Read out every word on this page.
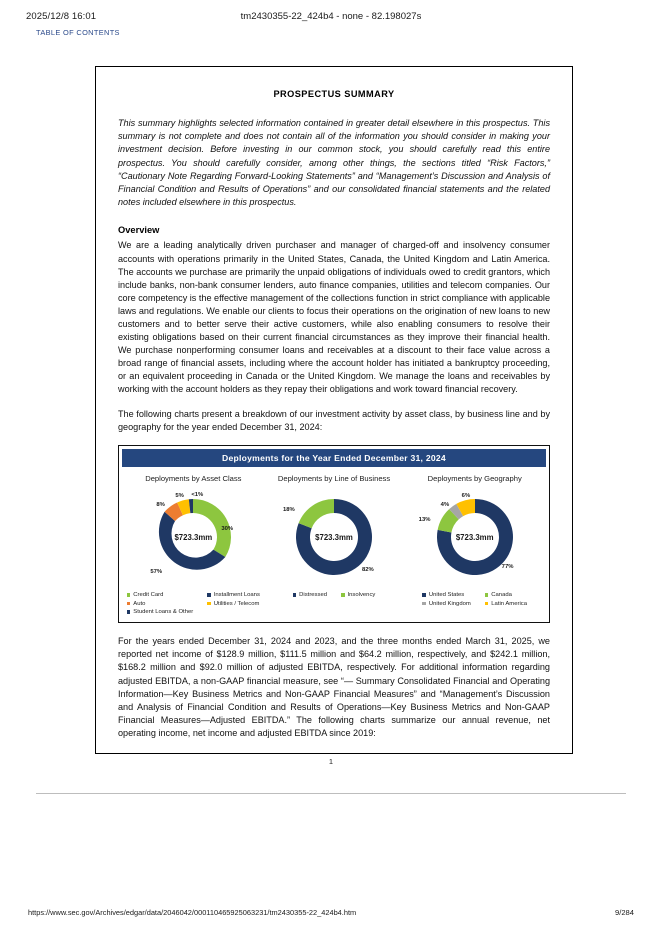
2025/12/8 16:01	tm2430355-22_424b4 - none - 82.198027s
TABLE OF CONTENTS
PROSPECTUS SUMMARY

This summary highlights selected information contained in greater detail elsewhere in this prospectus. This summary is not complete and does not contain all of the information you should consider in making your investment decision. Before investing in our common stock, you should carefully read this entire prospectus. You should carefully consider, among other things, the sections titled “Risk Factors,” “Cautionary Note Regarding Forward-Looking Statements” and “Management’s Discussion and Analysis of Financial Condition and Results of Operations” and our consolidated financial statements and the related notes included elsewhere in this prospectus.

Overview

We are a leading analytically driven purchaser and manager of charged-off and insolvency consumer accounts with operations primarily in the United States, Canada, the United Kingdom and Latin America. The accounts we purchase are primarily the unpaid obligations of individuals owed to credit grantors, which include banks, non-bank consumer lenders, auto finance companies, utilities and telecom companies. Our core competency is the effective management of the collections function in strict compliance with applicable laws and regulations. We enable our clients to focus their operations on the origination of new loans to new customers and to better serve their active customers, while also enabling consumers to resolve their existing obligations based on their current financial circumstances as they improve their financial health. We purchase nonperforming consumer loans and receivables at a discount to their face value across a broad range of financial assets, including where the account holder has initiated a bankruptcy proceeding, or an equivalent proceeding in Canada or the United Kingdom. We manage the loans and receivables by working with the account holders as they repay their obligations and work toward financial recovery.

The following charts present a breakdown of our investment activity by asset class, by business line and by geography for the year ended December 31, 2024:

Deployments for the Year Ended December 31, 2024
Deployments by Asset Class
$723.3mm
30%
57%
8%
5% <1%
Credit Card	Installment Loans
Auto	Utilities / Telecom
Student Loans & Other
Deployments by Line of Business
$723.3mm
18%
82%
Distressed	Insolvency
Deployments by Geography
$723.3mm
77%
13%
4%
6%
United States	Canada
United Kingdom	Latin America

For the years ended December 31, 2024 and 2023, and the three months ended March 31, 2025, we reported net income of $128.9 million, $111.5 million and $64.2 million, respectively, and $242.1 million, $168.2 million and $92.0 million of adjusted EBITDA, respectively. For additional information regarding adjusted EBITDA, a non-GAAP financial measure, see “— Summary Consolidated Financial and Operating Information—Key Business Metrics and Non-GAAP Financial Measures” and “Management’s Discussion and Analysis of Financial Condition and Results of Operations—Key Business Metrics and Non-GAAP Financial Measures—Adjusted EBITDA.” The following charts summarize our annual revenue, net operating income, net income and adjusted EBITDA since 2019:

1
https://www.sec.gov/Archives/edgar/data/2046042/000110465925063231/tm2430355-22_424b4.htm	9/284
